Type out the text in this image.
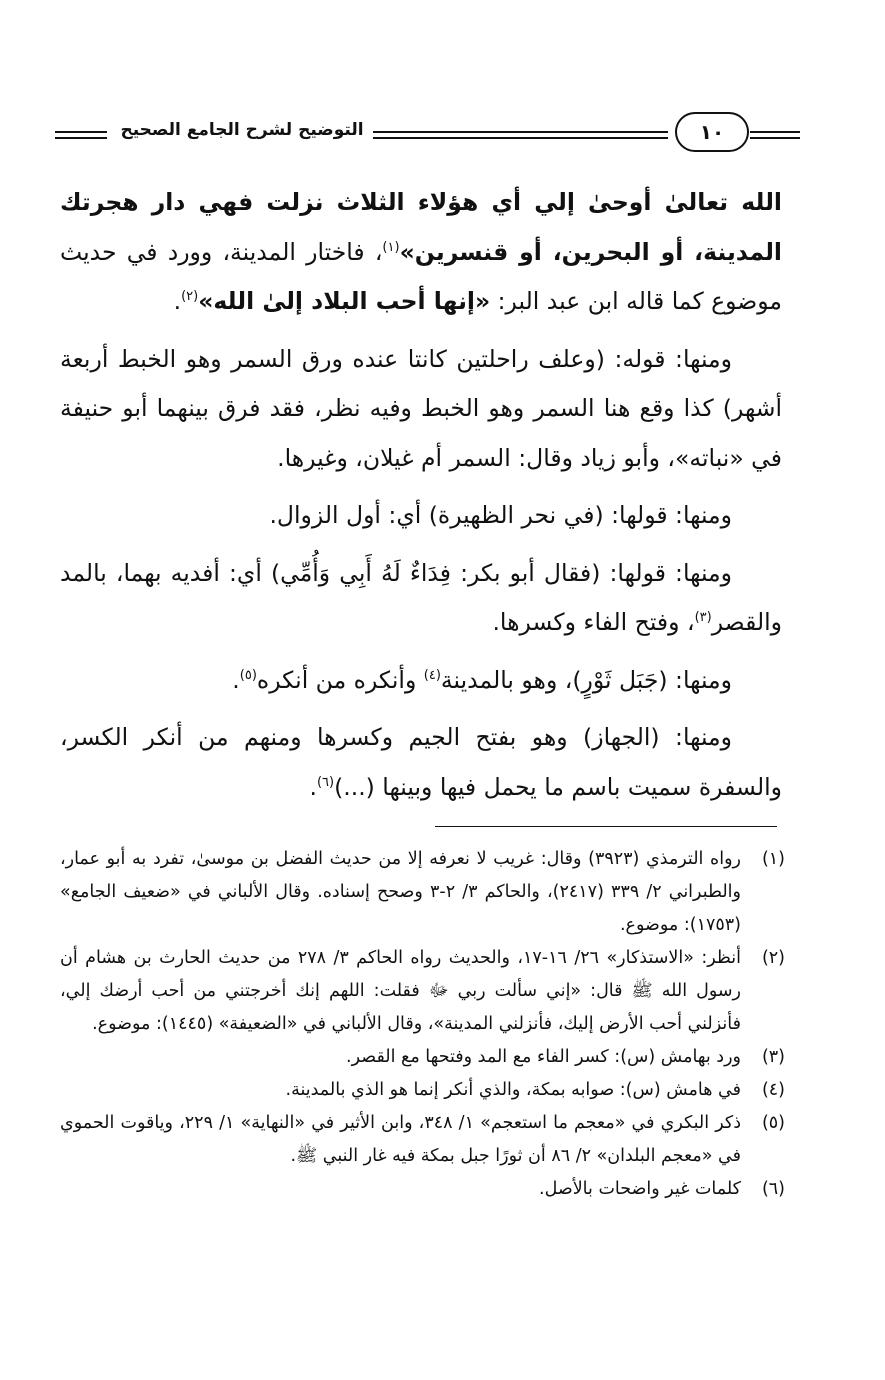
التوضيح لشرح الجامع الصحيح	١٠

الله تعالىٰ أوحىٰ إلي أي هؤلاء الثلاث نزلت فهي دار هجرتك المدينة، أو البحرين، أو قنسرين»$^{(١)}$، فاختار المدينة، وورد في حديث موضوع كما قاله ابن عبد البر: «إنها أحب البلاد إلىٰ الله»$^{(٢)}$.

ومنها: قوله: (وعلف راحلتين كانتا عنده ورق السمر وهو الخبط أربعة أشهر) كذا وقع هنا السمر وهو الخبط وفيه نظر، فقد فرق بينهما أبو حنيفة في «نباته»، وأبو زياد وقال: السمر أم غيلان، وغيرها.

ومنها: قولها: (في نحر الظهيرة) أي: أول الزوال.

ومنها: قولها: (فقال أبو بكر: فِدَاءٌ لَهُ أَبِي وَأُمِّي) أي: أفديه بهما، بالمد والقصر$^{(٣)}$، وفتح الفاء وكسرها.

ومنها: (جَبَل ثَوْرٍ)، وهو بالمدينة$^{(٤)}$ وأنكره من أنكره$^{(٥)}$.

ومنها: (الجهاز) وهو بفتح الجيم وكسرها ومنهم من أنكر الكسر، والسفرة سميت باسم ما يحمل فيها وبينها (...)$^{(٦)}$.

(١)
رواه الترمذي (٣٩٢٣) وقال: غريب لا نعرفه إلا من حديث الفضل بن موسىٰ، تفرد به أبو عمار، والطبراني ٢/ ٣٣٩ (٢٤١٧)، والحاكم ٣/ ٢-٣ وصحح إسناده. وقال الألباني في «ضعيف الجامع» (١٧٥٣): موضوع.
(٢)
أنظر: «الاستذكار» ٢٦/ ١٦-١٧، والحديث رواه الحاكم ٣/ ٢٧٨ من حديث الحارث بن هشام أن رسول الله ﷺ قال: «إني سألت ربي ﷻ فقلت: اللهم إنك أخرجتني من أحب أرضك إلي، فأنزلني أحب الأرض إليك، فأنزلني المدينة»، وقال الألباني في «الضعيفة» (١٤٤٥): موضوع.
(٣)
ورد بهامش (س): كسر الفاء مع المد وفتحها مع القصر.
(٤)
في هامش (س): صوابه بمكة، والذي أنكر إنما هو الذي بالمدينة.
(٥)
ذكر البكري في «معجم ما استعجم» ١/ ٣٤٨، وابن الأثير في «النهاية» ١/ ٢٢٩، وياقوت الحموي في «معجم البلدان» ٢/ ٨٦ أن ثورًا جبل بمكة فيه غار النبي ﷺ.
(٦)
كلمات غير واضحات بالأصل.
